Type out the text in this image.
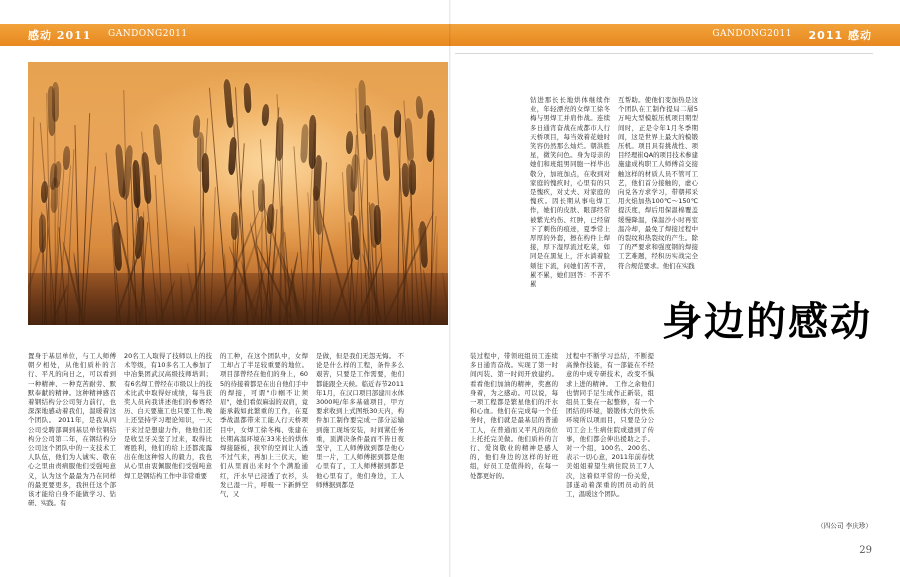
感动 2011 GANDONG2011	GANDONG2011 2011 感动
身边的感动
钻进那长长地烘体继续作业，年轻漂亮的女焊工徐冬梅与男焊工并肩作战。连续多日通宵奋战在成都市人行天桥项目，每当效着花她时笑容仍然那么灿烂。朝洪胜星，微笑问色。身为母亲的她们和班组男同胞一样毕出敬分，加班加点，在收到对家庭的愧疚时，心里有的只是愧疚，对丈夫、对家庭的愧疚。因长期从事电焊工作，她们的皮肤、眼部经常被紫光灼伤、红肿，已经留下了刺伤的痕迹，夏季常上厚厚的外套，擦在构件上焊接，厚下湿厚流过吃菜，如同是在黑复上，汗水淌着脸颊往下流，问她们苦不苦，累不累，她们回答：不苦不累
互帮助。使他们变加热是这个团队在工制作提局二層5万吨大型模版压机项目期型间时，正是令年1月冬季期间，这是世界上最大的模锻压机。项目具有挑战性、项目经理崔QA的项目技术参建施建成构职工人师傅首交接触这样的材质人员不管可工艺，他们首分接触的，虚心向兑各方求学习，带朝邦采用火焰加热100℃～150℃提沃度，焊后用保温棉覆盖缓慢降温，保温沙小时再室温冷却，最免了焊接过程中的裂纹和热裂纹的产生。除了的严要求和强度钢的焊接工艺难题，经积历实战完全符合规范要求。他们在实践
置身于基层单位，与工人师傅朝夕相处，从他们质朴的言行、平凡的向日之，可以看到一种精神、一种克苦耐劳、默默奉献的精神。这种精神感召着钢结构分公司努力前行，也深深地感动着我们，温暖着这个团队。 2011年，是我从四公司受聘部调到基层单位钢结构分公司第二年，在钢结构分公司这个团队中的一支技术工人队伍，他们为人诚实、敬在心之里由责病服他们受强吨意义，认为这个最最为乃在同样的最更要更多，我担任这个部该才能给自身不能做学习、钻研、实践。有
20名工人取得了技师以上的技术等级，有10多名工人参加了中冶集团武汉高级技师培训；有6名焊工曾经在市级以上的技术比武中取得好成绩，每当获奖人员向我讲述他们的参赛经历、白天要施工也只要工作,晚上还坚持学习理论知识，一天干来过是想建力作，他他们还是收呈牙关坚了过来，取得比赛胜利，他们的给上还都流露出在他这种惊人的毅力，我也从心里由衷佩服他们受强吨意 焊工是钢结构工作中非常重要
的工种，在这个团队中，女焊工却占了半足较重要的地位。项目部曾经在他们的身上，605的待接着都是在出自他们手中的焊接，可谓"巾帼不让须眉"，她们看似麻弱的双肩，竟能承载如此繁重的工作，在夏季战温都带来工能人行天桥项目中，女焊工徐冬梅、张建在长期高温环境在33米长的烘体焊接隧板，狭窄的空间让人透不过气来，再加上三伏天，她们从里面出来时个个满脸通红，汗水早已浸透了衣衫，头发已湿一片，呼吸一下新鲜空气，又
是做，但是我们无怨无悔。 不论是什么样的工程，条件多么艰苦，只要是工作需要，他们都能跟全天候。临近春节2011年1月，在汉口项目部建川水体3000吨/年多基础项目，甲方要求收到上式图纸30天内，构件加工制作要完成一部分运输到施工现场安装，时间紧任务重，顶满决条件最而不皆日夜坚守，工人师傅做到都是他心里一片，工人师傅据到都是他心里有了，工人师傅据到都是他心里有了，他们身边，工人师傅据到都是
装过程中，带领班组员工连续多日通宵奋战。实现了第一时间丙装、第一时间开放建约。看看他们加油的精神，奖惠的身着，为之感动。可以说，每一项工程都是繁星他们的汗水和心血。他们在完成每一个任务时，他们就是最基层的普通工人，在普通而又平凡的岗位上托托完美做。他们质朴的言行、爱岗敬业的精神是感人的，他们身边的这样的好班组，好员工是值得的，在每一处都更好的。
过程中不断学习总结，不断提高操作技能，有一部能在不经意的中成专研技术，改变不惧求上进的精神。 工作之余他们也情同手足生成作正新装，组组员工集在一起整修，有一个团结的环境，锻锻体大的快乐环境所以项而目，只要是分公司工会上生病住院或遗到了传事，他们都会伸出援助之手。对一个组，100名、200名、表示一切心意，2011年前春忧美姐姐着望生病住院员工7人次，这着似平常的一份关爱，部遂动着深重的团员动的员工，温暖这个团队。
（四公司 李庆珍）
29
